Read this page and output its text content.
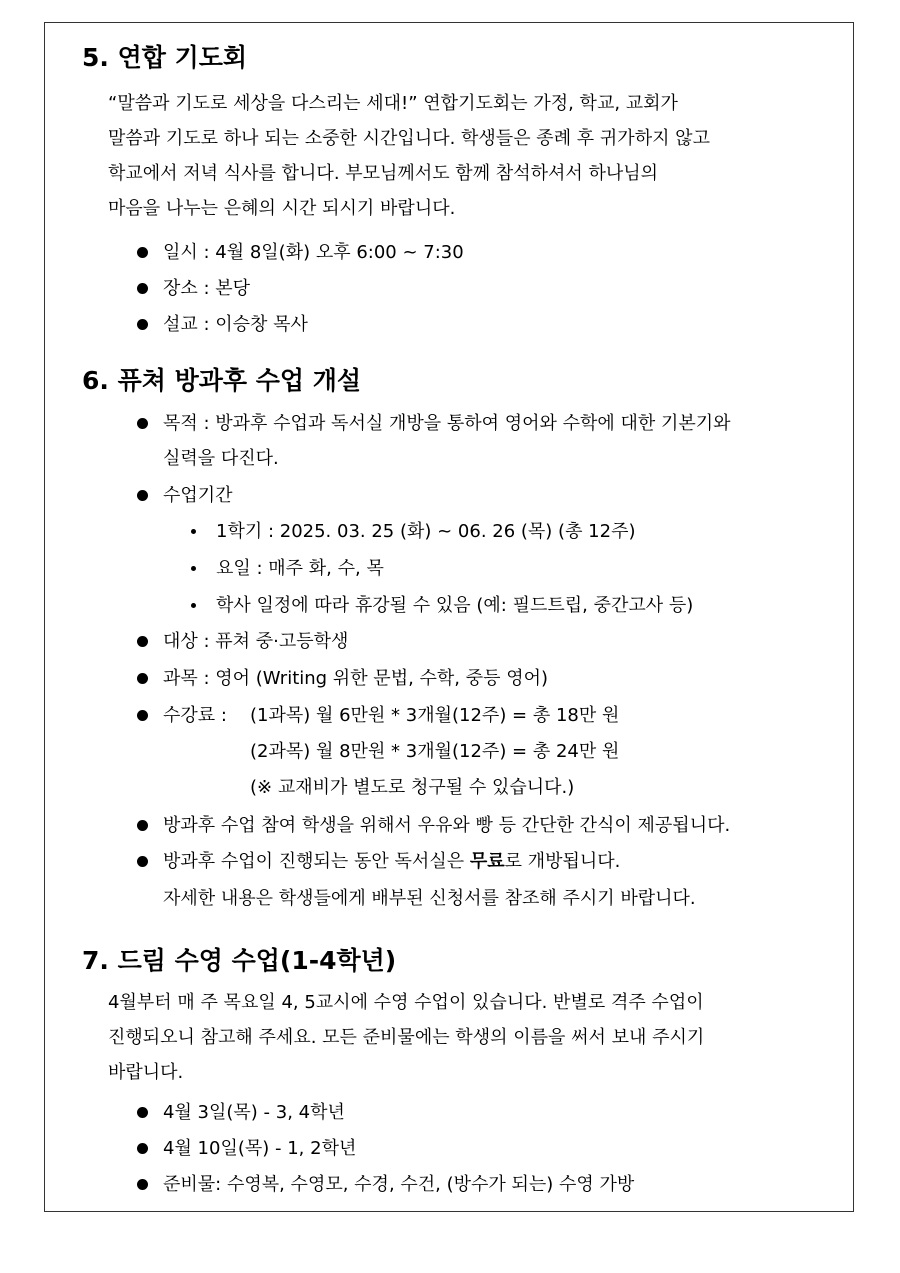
5. 연합 기도회
“말씀과 기도로 세상을 다스리는 세대!” 연합기도회는 가정, 학교, 교회가
말씀과 기도로 하나 되는 소중한 시간입니다. 학생들은 종례 후 귀가하지 않고
학교에서 저녁 식사를 합니다. 부모님께서도 함께 참석하셔서 하나님의
마음을 나누는 은혜의 시간 되시기 바랍니다.
일시 : 4월 8일(화) 오후 6:00 ~ 7:30
장소 : 본당
설교 : 이승창 목사
6. 퓨쳐 방과후 수업 개설
목적 : 방과후 수업과 독서실 개방을 통하여 영어와 수학에 대한 기본기와
실력을 다진다.
수업기간
1학기 : 2025. 03. 25 (화) ~ 06. 26 (목) (총 12주)
요일 : 매주 화, 수, 목
학사 일정에 따라 휴강될 수 있음 (예: 필드트립, 중간고사 등)
대상 : 퓨쳐 중·고등학생
과목 : 영어 (Writing 위한 문법, 수학, 중등 영어)
수강료 : (1과목) 월 6만원 * 3개월(12주) = 총 18만 원
(2과목) 월 8만원 * 3개월(12주) = 총 24만 원
(※ 교재비가 별도로 청구될 수 있습니다.)
방과후 수업 참여 학생을 위해서 우유와 빵 등 간단한 간식이 제공됩니다.
방과후 수업이 진행되는 동안 독서실은 무료로 개방됩니다.
자세한 내용은 학생들에게 배부된 신청서를 참조해 주시기 바랍니다.
7. 드림 수영 수업(1-4학년)
4월부터 매 주 목요일 4, 5교시에 수영 수업이 있습니다. 반별로 격주 수업이
진행되오니 참고해 주세요. 모든 준비물에는 학생의 이름을 써서 보내 주시기
바랍니다.
4월 3일(목) - 3, 4학년
4월 10일(목) - 1, 2학년
준비물: 수영복, 수영모, 수경, 수건, (방수가 되는) 수영 가방
